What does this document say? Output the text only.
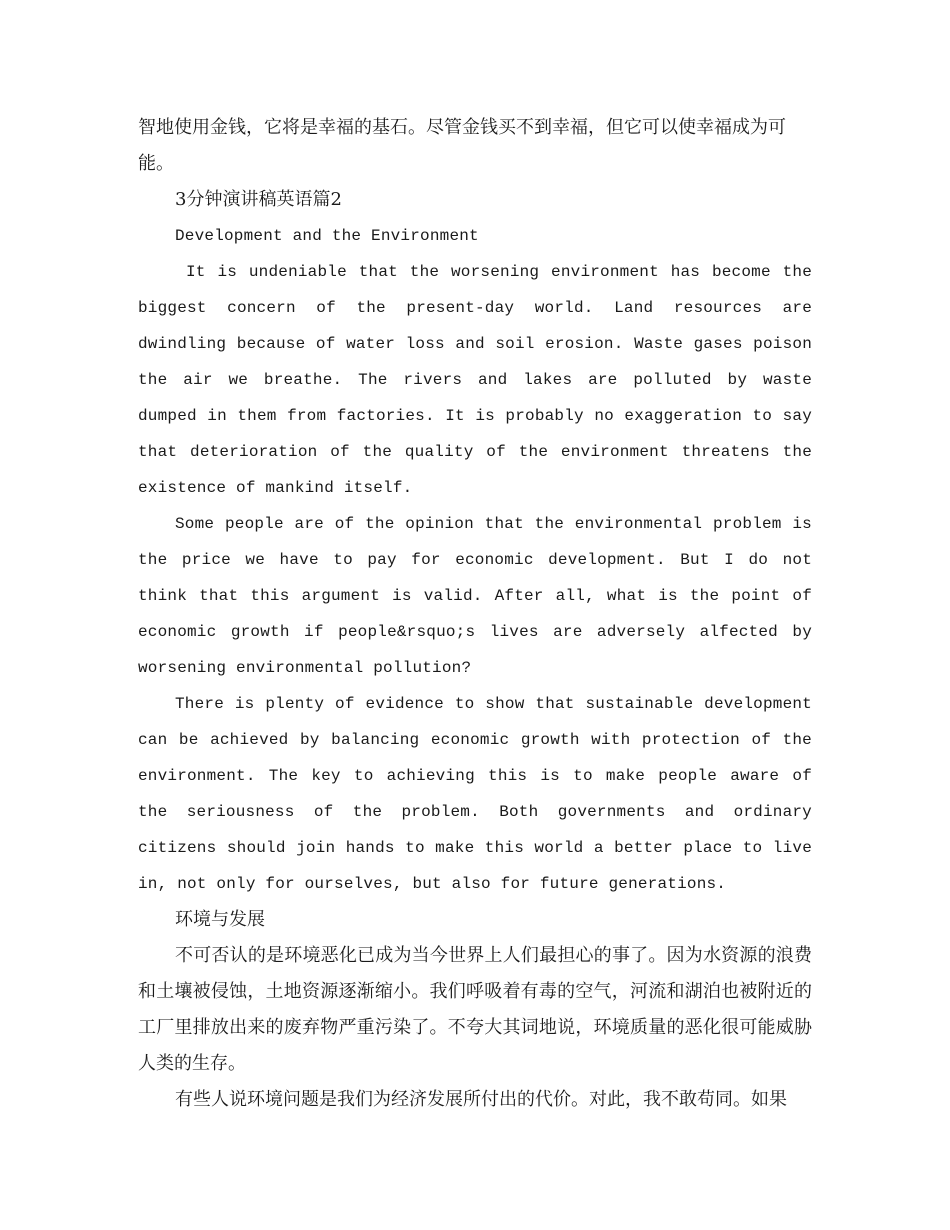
智地使用金钱，它将是幸福的基石。尽管金钱买不到幸福，但它可以使幸福成为可能。

3分钟演讲稿英语篇2

Development and the Environment

It is undeniable that the worsening environment has become the biggest concern of the present-day world. Land resources are dwindling because of water loss and soil erosion. Waste gases poison the air we breathe. The rivers and lakes are polluted by waste dumped in them from factories. It is probably no exaggeration to say that deterioration of the quality of the environment threatens the existence of mankind itself.

Some people are of the opinion that the environmental problem is the price we have to pay for economic development. But I do not think that this argument is valid. After all, what is the point of economic growth if people&rsquo;s lives are adversely alfected by worsening environmental pollution?

There is plenty of evidence to show that sustainable development can be achieved by balancing economic growth with protection of the environment. The key to achieving this is to make people aware of the seriousness of the problem. Both governments and ordinary citizens should join hands to make this world a better place to live in, not only for ourselves, but also for future generations.

环境与发展

不可否认的是环境恶化已成为当今世界上人们最担心的事了。因为水资源的浪费和土壤被侵蚀，土地资源逐渐缩小。我们呼吸着有毒的空气，河流和湖泊也被附近的工厂里排放出来的废弃物严重污染了。不夸大其词地说，环境质量的恶化很可能威胁人类的生存。

有些人说环境问题是我们为经济发展所付出的代价。对此，我不敢苟同。如果
